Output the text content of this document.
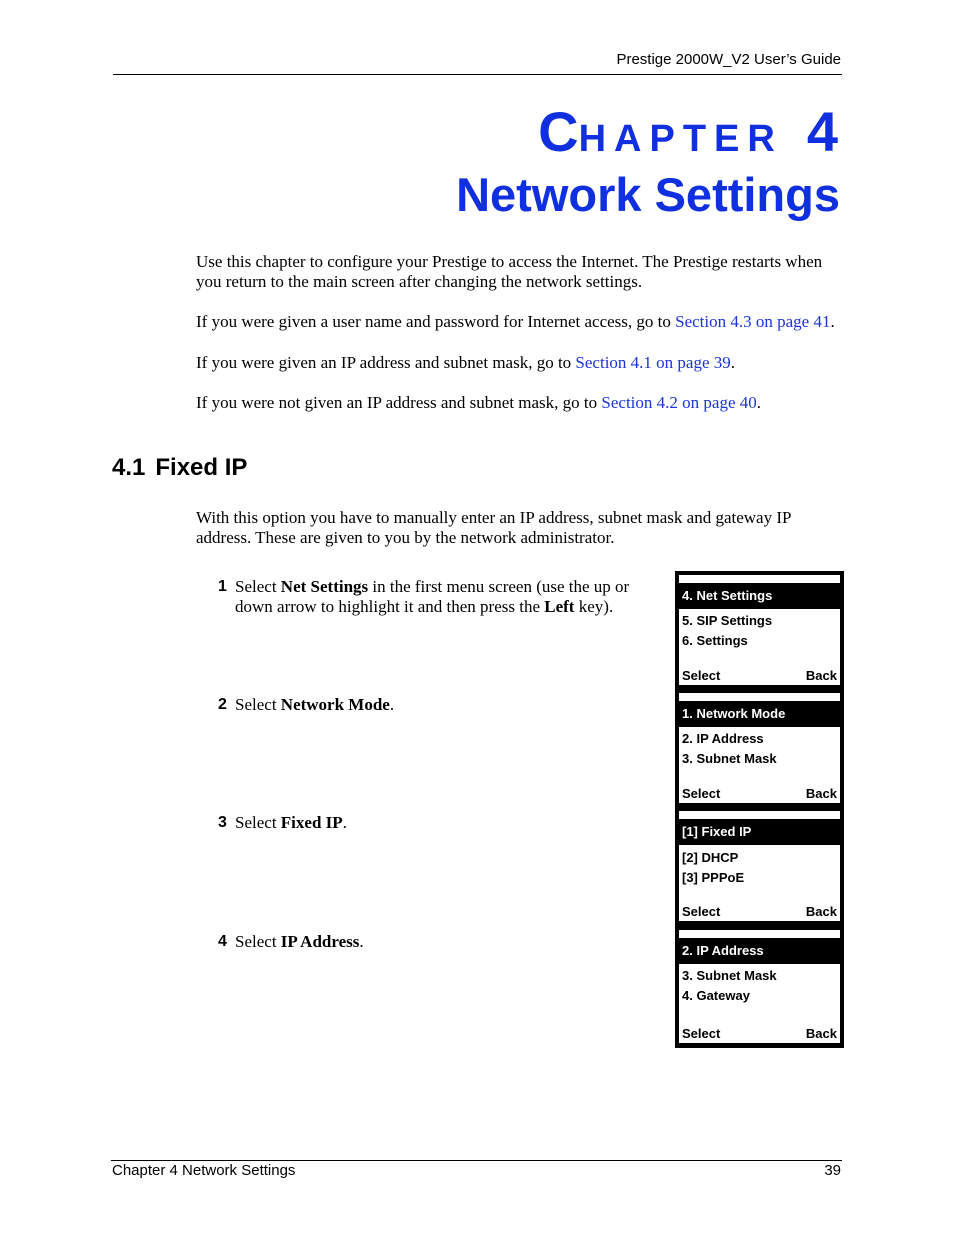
Prestige 2000W_V2 User’s Guide
CHAPTER 4
Network Settings
Use this chapter to configure your Prestige to access the Internet. The Prestige restarts when you return to the main screen after changing the network settings.
If you were given a user name and password for Internet access, go to Section 4.3 on page 41.
If you were given an IP address and subnet mask, go to Section 4.1 on page 39.
If you were not given an IP address and subnet mask, go to Section 4.2 on page 40.
4.1 Fixed IP
With this option you have to manually enter an IP address, subnet mask and gateway IP address. These are given to you by the network administrator.
1 Select Net Settings in the first menu screen (use the up or down arrow to highlight it and then press the Left key).
2 Select Network Mode.
3 Select Fixed IP.
4 Select IP Address.
4. Net Settings
5. SIP Settings
6. Settings
Select	Back
1. Network Mode
2. IP Address
3. Subnet Mask
Select	Back
[1] Fixed IP
[2] DHCP
[3] PPPoE
Select	Back
2. IP Address
3. Subnet Mask
4. Gateway
Select	Back
Chapter 4 Network Settings	39
